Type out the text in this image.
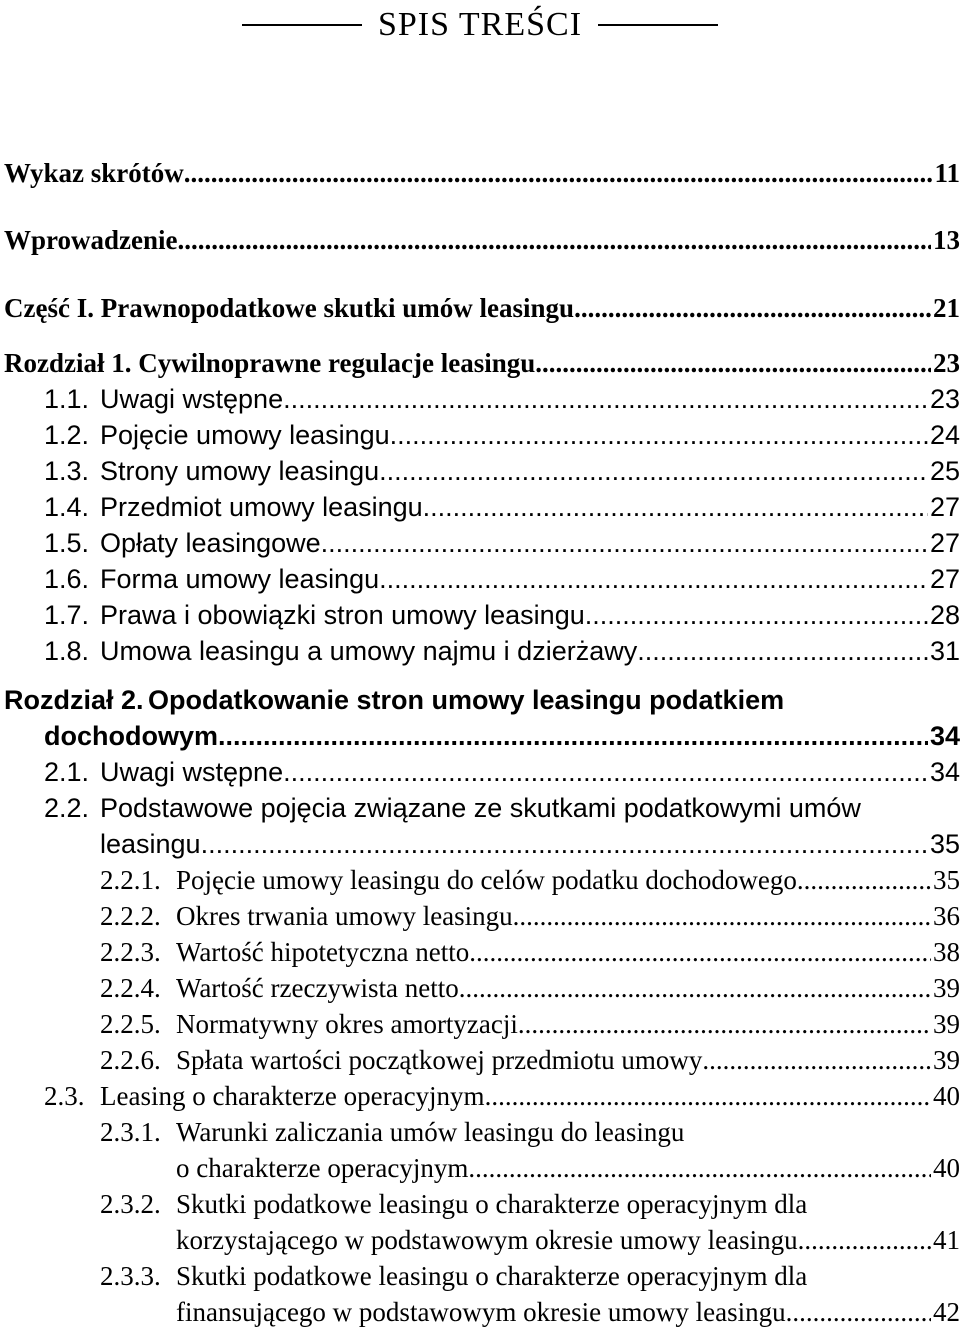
SPIS TREŚCI
Wykaz skrótów .....	11
Wprowadzenie .....	13
Część I. Prawnopodatkowe skutki umów leasingu .....	21
Rozdział 1. Cywilnoprawne regulacje leasingu .....	23
1.1. Uwagi wstępne .....	23
1.2. Pojęcie umowy leasingu .....	24
1.3. Strony umowy leasingu .....	25
1.4. Przedmiot umowy leasingu .....	27
1.5. Opłaty leasingowe .....	27
1.6. Forma umowy leasingu .....	27
1.7. Prawa i obowiązki stron umowy leasingu .....	28
1.8. Umowa leasingu a umowy najmu i dzierżawy .....	31
Rozdział 2. Opodatkowanie stron umowy leasingu podatkiem
dochodowym .....	34
2.1. Uwagi wstępne .....	34
2.2. Podstawowe pojęcia związane ze skutkami podatkowymi umów
leasingu .....	35
2.2.1. Pojęcie umowy leasingu do celów podatku dochodowego .....	35
2.2.2. Okres trwania umowy leasingu .....	36
2.2.3. Wartość hipotetyczna netto .....	38
2.2.4. Wartość rzeczywista netto .....	39
2.2.5. Normatywny okres amortyzacji .....	39
2.2.6. Spłata wartości początkowej przedmiotu umowy .....	39
2.3. Leasing o charakterze operacyjnym .....	40
2.3.1. Warunki zaliczania umów leasingu do leasingu
o charakterze operacyjnym .....	40
2.3.2. Skutki podatkowe leasingu o charakterze operacyjnym dla
korzystającego w podstawowym okresie umowy leasingu .....	41
2.3.3. Skutki podatkowe leasingu o charakterze operacyjnym dla
finansującego w podstawowym okresie umowy leasingu .....	42
